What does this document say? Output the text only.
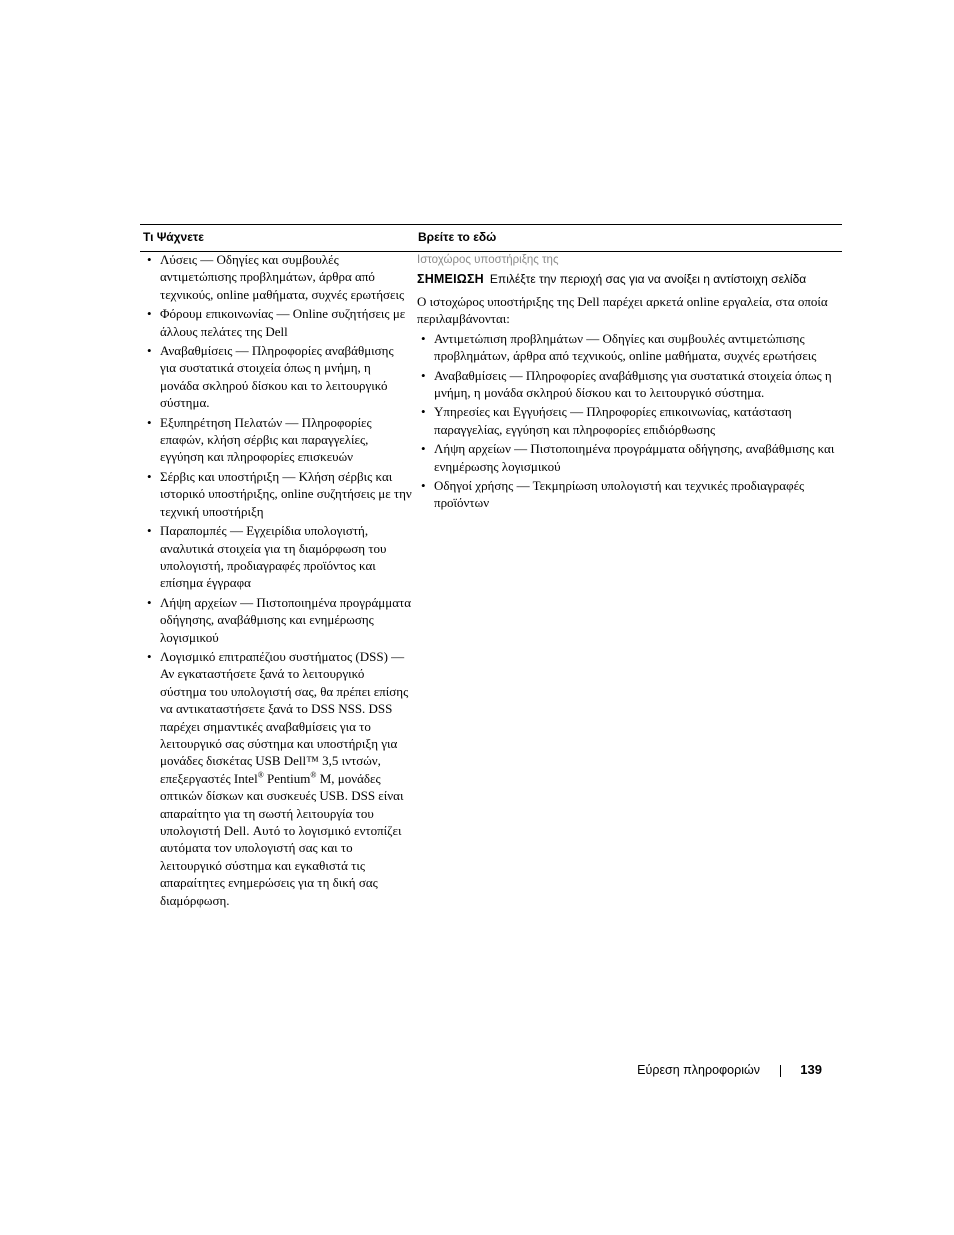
Τι Ψάχνετε	Βρείτε το εδώ
• Λύσεις — Οδηγίες και συμβουλές αντιμετώπισης προβλημάτων, άρθρα από τεχνικούς, online μαθήματα, συχνές ερωτήσεις
• Φόρουμ επικοινωνίας — Online συζητήσεις με άλλους πελάτες της Dell
• Αναβαθμίσεις — Πληροφορίες αναβάθμισης για συστατικά στοιχεία όπως η μνήμη, η μονάδα σκληρού δίσκου και το λειτουργικό σύστημα.
• Εξυπηρέτηση Πελατών — Πληροφορίες επαφών, κλήση σέρβις και παραγγελίες, εγγύηση και πληροφορίες επισκευών
• Σέρβις και υποστήριξη — Κλήση σέρβις και ιστορικό υποστήριξης, online συζητήσεις με την τεχνική υποστήριξη
• Παραπομπές — Εγχειρίδια υπολογιστή, αναλυτικά στοιχεία για τη διαμόρφωση του υπολογιστή, προδιαγραφές προϊόντος και επίσημα έγγραφα
• Λήψη αρχείων — Πιστοποιημένα προγράμματα οδήγησης, αναβάθμισης και ενημέρωσης λογισμικού
• Λογισμικό επιτραπέζιου συστήματος (DSS) — Αν εγκαταστήσετε ξανά το λειτουργικό σύστημα του υπολογιστή σας, θα πρέπει επίσης να αντικαταστήσετε ξανά το DSS NSS. DSS παρέχει σημαντικές αναβαθμίσεις για το λειτουργικό σας σύστημα και υποστήριξη για μονάδες δισκέτας USB Dell™ 3,5 ιντσών, επεξεργαστές Intel® Pentium® M, μονάδες οπτικών δίσκων και συσκευές USB. DSS είναι απαραίτητο για τη σωστή λειτουργία του υπολογιστή Dell. Αυτό το λογισμικό εντοπίζει αυτόματα τον υπολογιστή σας και το λειτουργικό σύστημα και εγκαθιστά τις απαραίτητες ενημερώσεις για τη δική σας διαμόρφωση.
Ιστοχώρος υποστήριξης της
ΣΗΜΕΙΩΣΗ Επιλέξτε την περιοχή σας για να ανοίξει η αντίστοιχη σελίδα
Ο ιστοχώρος υποστήριξης της Dell παρέχει αρκετά online εργαλεία, στα οποία περιλαμβάνονται:
• Αντιμετώπιση προβλημάτων — Οδηγίες και συμβουλές αντιμετώπισης προβλημάτων, άρθρα από τεχνικούς, online μαθήματα, συχνές ερωτήσεις
• Αναβαθμίσεις — Πληροφορίες αναβάθμισης για συστατικά στοιχεία όπως η μνήμη, η μονάδα σκληρού δίσκου και το λειτουργικό σύστημα.
• Υπηρεσίες και Εγγυήσεις — Πληροφορίες επικοινωνίας, κατάσταση παραγγελίας, εγγύηση και πληροφορίες επιδιόρθωσης
• Λήψη αρχείων — Πιστοποιημένα προγράμματα οδήγησης, αναβάθμισης και ενημέρωσης λογισμικού
• Οδηγοί χρήσης — Τεκμηρίωση υπολογιστή και τεχνικές προδιαγραφές προϊόντων
Εύρεση πληροφοριών	139
